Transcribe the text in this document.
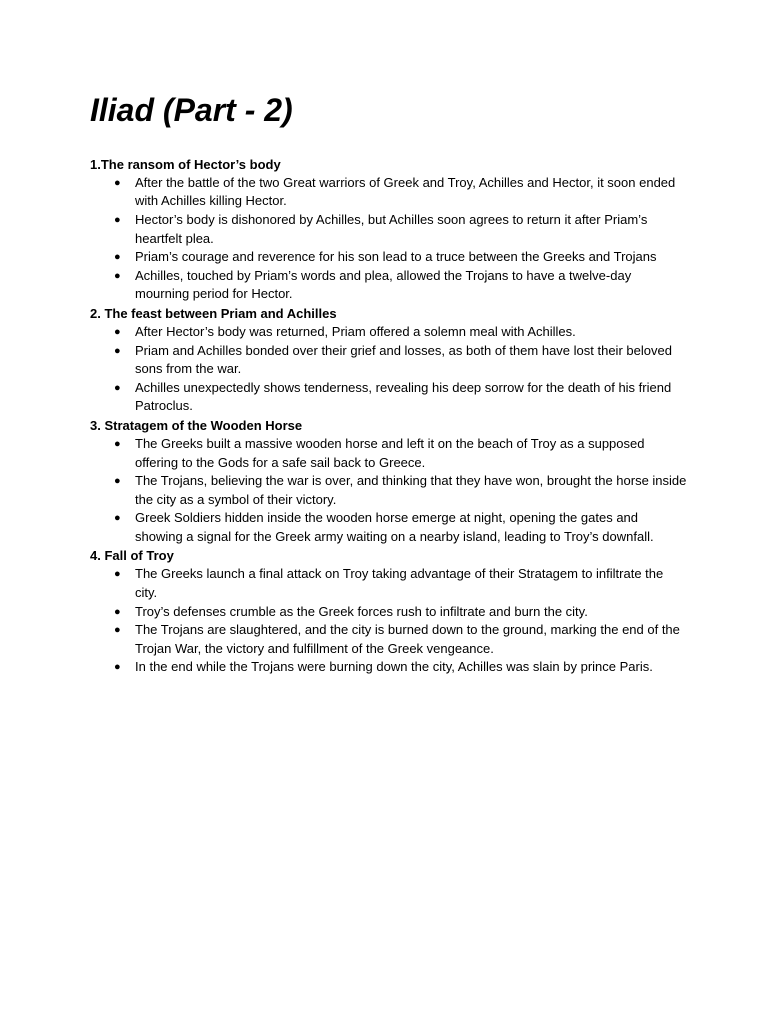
Iliad (Part - 2)
1.The ransom of Hector’s body
● After the battle of the two Great warriors of Greek and Troy, Achilles and Hector, it soon ended with Achilles killing Hector.
● Hector’s body is dishonored by Achilles, but Achilles soon agrees to return it after Priam’s heartfelt plea.
● Priam’s courage and reverence for his son lead to a truce between the Greeks and Trojans
● Achilles, touched by Priam’s words and plea, allowed the Trojans to have a twelve-day mourning period for Hector.
2. The feast between Priam and Achilles
● After Hector’s body was returned, Priam offered a solemn meal with Achilles.
● Priam and Achilles bonded over their grief and losses, as both of them have lost their beloved sons from the war.
● Achilles unexpectedly shows tenderness, revealing his deep sorrow for the death of his friend Patroclus.
3. Stratagem of the Wooden Horse
● The Greeks built a massive wooden horse and left it on the beach of Troy as a supposed offering to the Gods for a safe sail back to Greece.
● The Trojans, believing the war is over, and thinking that they have won, brought the horse inside the city as a symbol of their victory.
● Greek Soldiers hidden inside the wooden horse emerge at night, opening the gates and showing a signal for the Greek army waiting on a nearby island, leading to Troy’s downfall.
4. Fall of Troy
● The Greeks launch a final attack on Troy taking advantage of their Stratagem to infiltrate the city.
● Troy’s defenses crumble as the Greek forces rush to infiltrate and burn the city.
● The Trojans are slaughtered, and the city is burned down to the ground, marking the end of the Trojan War, the victory and fulfillment of the Greek vengeance.
● In the end while the Trojans were burning down the city, Achilles was slain by prince Paris.
